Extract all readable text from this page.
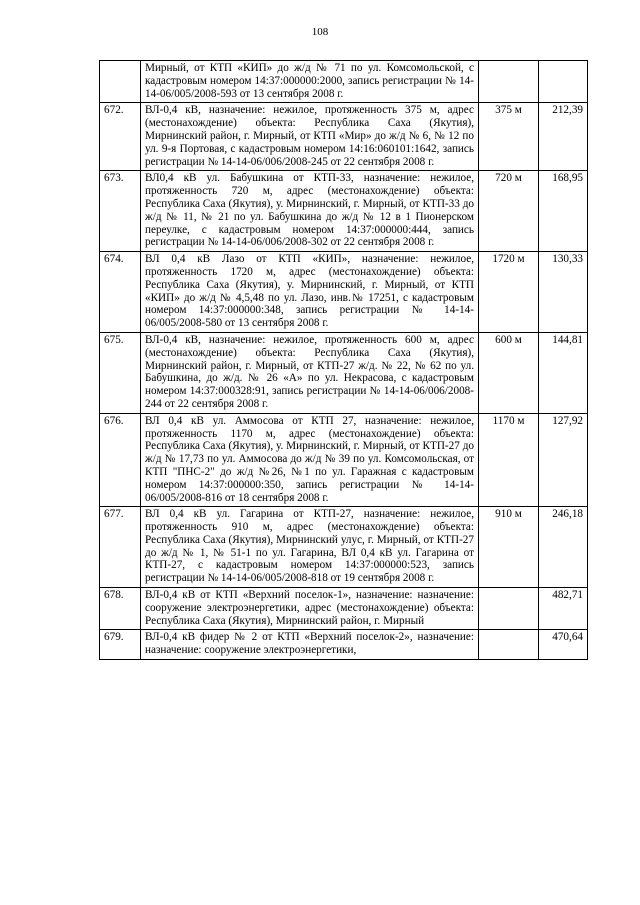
108
	Мирный, от КТП «КИП» до ж/д № 71 по ул. Комсомольской, с кадастровым номером 14:37:000000:2000, запись регистрации № 14-14-06/005/2008-593 от 13 сентября 2008 г.		
672.	ВЛ-0,4 кВ, назначение: нежилое, протяженность 375 м, адрес (местонахождение) объекта: Республика Саха (Якутия), Мирнинский район, г. Мирный, от КТП «Мир» до ж/д № 6, № 12 по ул. 9-я Портовая, с кадастровым номером 14:16:060101:1642, запись регистрации № 14-14-06/006/2008-245 от 22 сентября 2008 г.	375 м	212,39
673.	ВЛ0,4 кВ ул. Бабушкина от КТП-33, назначение: нежилое, протяженность 720 м, адрес (местонахождение) объекта: Республика Саха (Якутия), у. Мирнинский, г. Мирный, от КТП-33 до ж/д № 11, № 21 по ул. Бабушкина до ж/д № 12 в 1 Пионерском переулке, с кадастровым номером 14:37:000000:444, запись регистрации № 14-14-06/006/2008-302 от 22 сентября 2008 г.	720 м	168,95
674.	ВЛ 0,4 кВ Лазо от КТП «КИП», назначение: нежилое, протяженность 1720 м, адрес (местонахождение) объекта: Республика Саха (Якутия), у. Мирнинский, г. Мирный, от КТП «КИП» до ж/д № 4,5,48 по ул. Лазо, инв.№ 17251, с кадастровым номером 14:37:000000:348, запись регистрации № 14-14-06/005/2008-580 от 13 сентября 2008 г.	1720 м	130,33
675.	ВЛ-0,4 кВ, назначение: нежилое, протяженность 600 м, адрес (местонахождение) объекта: Республика Саха (Якутия), Мирнинский район, г. Мирный, от КТП-27 ж/д. № 22, № 62 по ул. Бабушкина, до ж/д. № 26 «А» по ул. Некрасова, с кадастровым номером 14:37:000328:91, запись регистрации № 14-14-06/006/2008-244 от 22 сентября 2008 г.	600 м	144,81
676.	ВЛ 0,4 кВ ул. Аммосова от КТП 27, назначение: нежилое, протяженность 1170 м, адрес (местонахождение) объекта: Республика Саха (Якутия), у. Мирнинский, г. Мирный, от КТП-27 до ж/д № 17,73 по ул. Аммосова до ж/д № 39 по ул. Комсомольская, от КТП "ПНС-2" до ж/д №26, №1 по ул. Гаражная с кадастровым номером 14:37:000000:350, запись регистрации № 14-14-06/005/2008-816 от 18 сентября 2008 г.	1170 м	127,92
677.	ВЛ 0,4 кВ ул. Гагарина от КТП-27, назначение: нежилое, протяженность 910 м, адрес (местонахождение) объекта: Республика Саха (Якутия), Мирнинский улус, г. Мирный, от КТП-27 до ж/д № 1, № 51-1 по ул. Гагарина, ВЛ 0,4 кВ ул. Гагарина от КТП-27, с кадастровым номером 14:37:000000:523, запись регистрации № 14-14-06/005/2008-818 от 19 сентября 2008 г.	910 м	246,18
678.	ВЛ-0,4 кВ от КТП «Верхний поселок-1», назначение: назначение: сооружение электроэнергетики, адрес (местонахождение) объекта: Республика Саха (Якутия), Мирнинский район, г. Мирный		482,71
679.	ВЛ-0,4 кВ фидер № 2 от КТП «Верхний поселок-2», назначение: назначение: сооружение электроэнергетики,		470,64
